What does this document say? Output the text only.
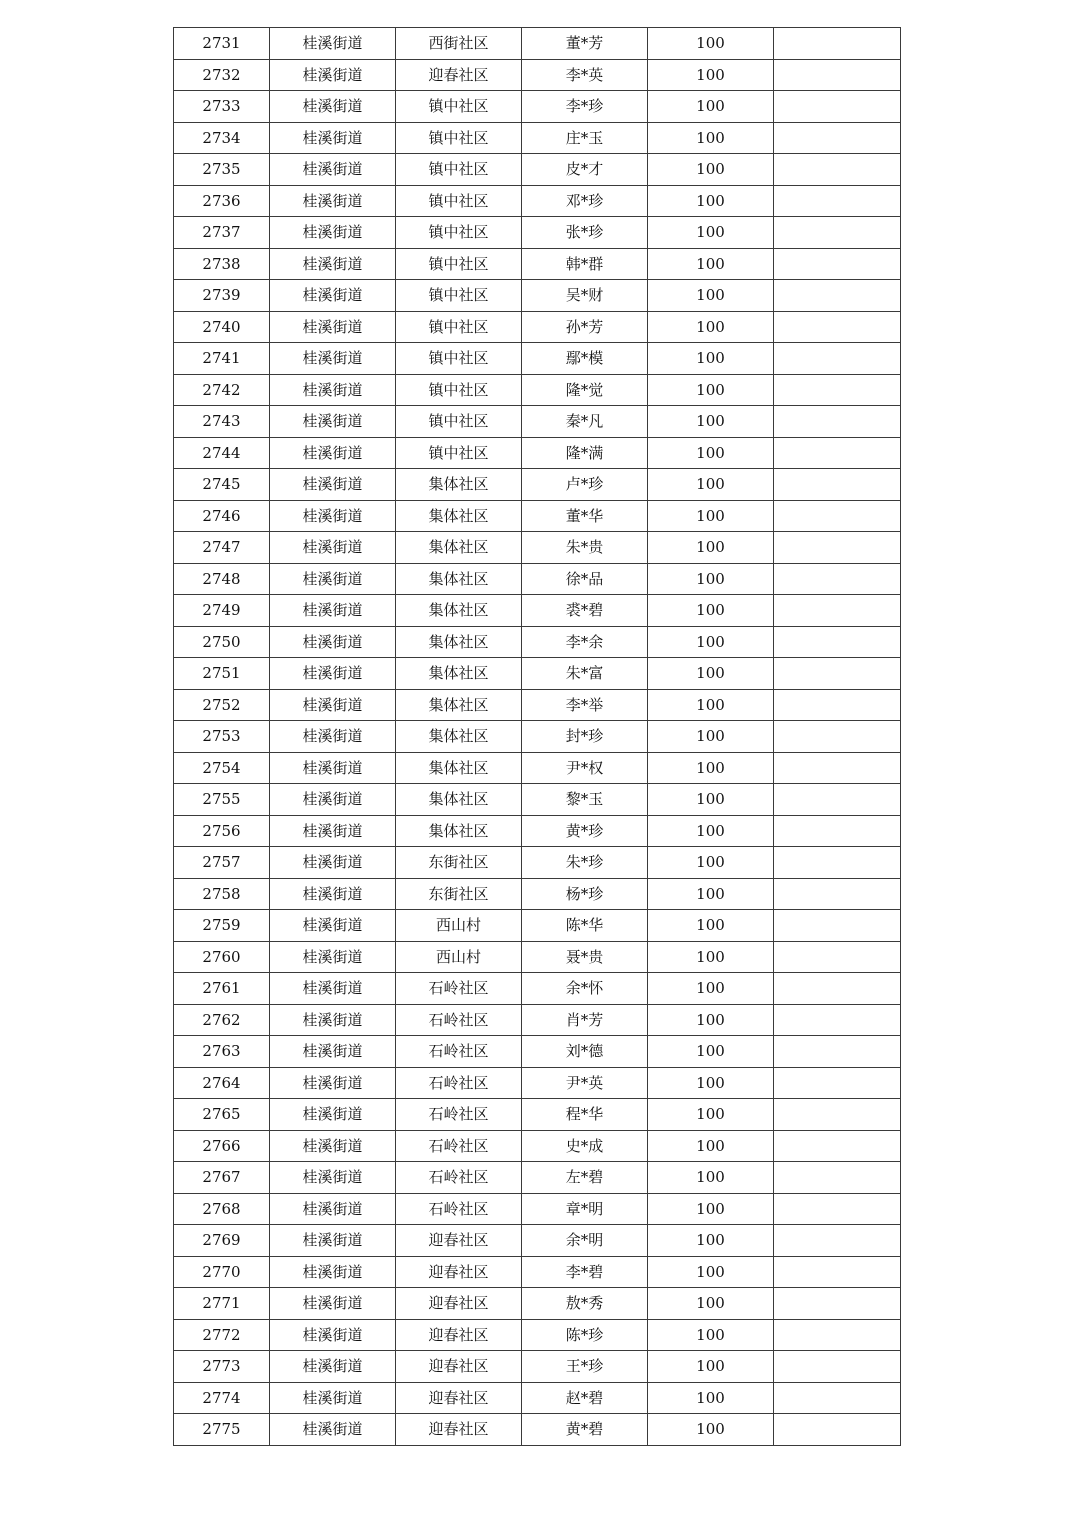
2731	桂溪街道	西街社区	董*芳	100	
2732	桂溪街道	迎春社区	李*英	100	
2733	桂溪街道	镇中社区	李*珍	100	
2734	桂溪街道	镇中社区	庄*玉	100	
2735	桂溪街道	镇中社区	皮*才	100	
2736	桂溪街道	镇中社区	邓*珍	100	
2737	桂溪街道	镇中社区	张*珍	100	
2738	桂溪街道	镇中社区	韩*群	100	
2739	桂溪街道	镇中社区	吴*财	100	
2740	桂溪街道	镇中社区	孙*芳	100	
2741	桂溪街道	镇中社区	鄢*模	100	
2742	桂溪街道	镇中社区	隆*觉	100	
2743	桂溪街道	镇中社区	秦*凡	100	
2744	桂溪街道	镇中社区	隆*满	100	
2745	桂溪街道	集体社区	卢*珍	100	
2746	桂溪街道	集体社区	董*华	100	
2747	桂溪街道	集体社区	朱*贵	100	
2748	桂溪街道	集体社区	徐*品	100	
2749	桂溪街道	集体社区	裘*碧	100	
2750	桂溪街道	集体社区	李*余	100	
2751	桂溪街道	集体社区	朱*富	100	
2752	桂溪街道	集体社区	李*举	100	
2753	桂溪街道	集体社区	封*珍	100	
2754	桂溪街道	集体社区	尹*权	100	
2755	桂溪街道	集体社区	黎*玉	100	
2756	桂溪街道	集体社区	黄*珍	100	
2757	桂溪街道	东街社区	朱*珍	100	
2758	桂溪街道	东街社区	杨*珍	100	
2759	桂溪街道	西山村	陈*华	100	
2760	桂溪街道	西山村	聂*贵	100	
2761	桂溪街道	石岭社区	余*怀	100	
2762	桂溪街道	石岭社区	肖*芳	100	
2763	桂溪街道	石岭社区	刘*德	100	
2764	桂溪街道	石岭社区	尹*英	100	
2765	桂溪街道	石岭社区	程*华	100	
2766	桂溪街道	石岭社区	史*成	100	
2767	桂溪街道	石岭社区	左*碧	100	
2768	桂溪街道	石岭社区	章*明	100	
2769	桂溪街道	迎春社区	余*明	100	
2770	桂溪街道	迎春社区	李*碧	100	
2771	桂溪街道	迎春社区	敖*秀	100	
2772	桂溪街道	迎春社区	陈*珍	100	
2773	桂溪街道	迎春社区	王*珍	100	
2774	桂溪街道	迎春社区	赵*碧	100	
2775	桂溪街道	迎春社区	黄*碧	100	
